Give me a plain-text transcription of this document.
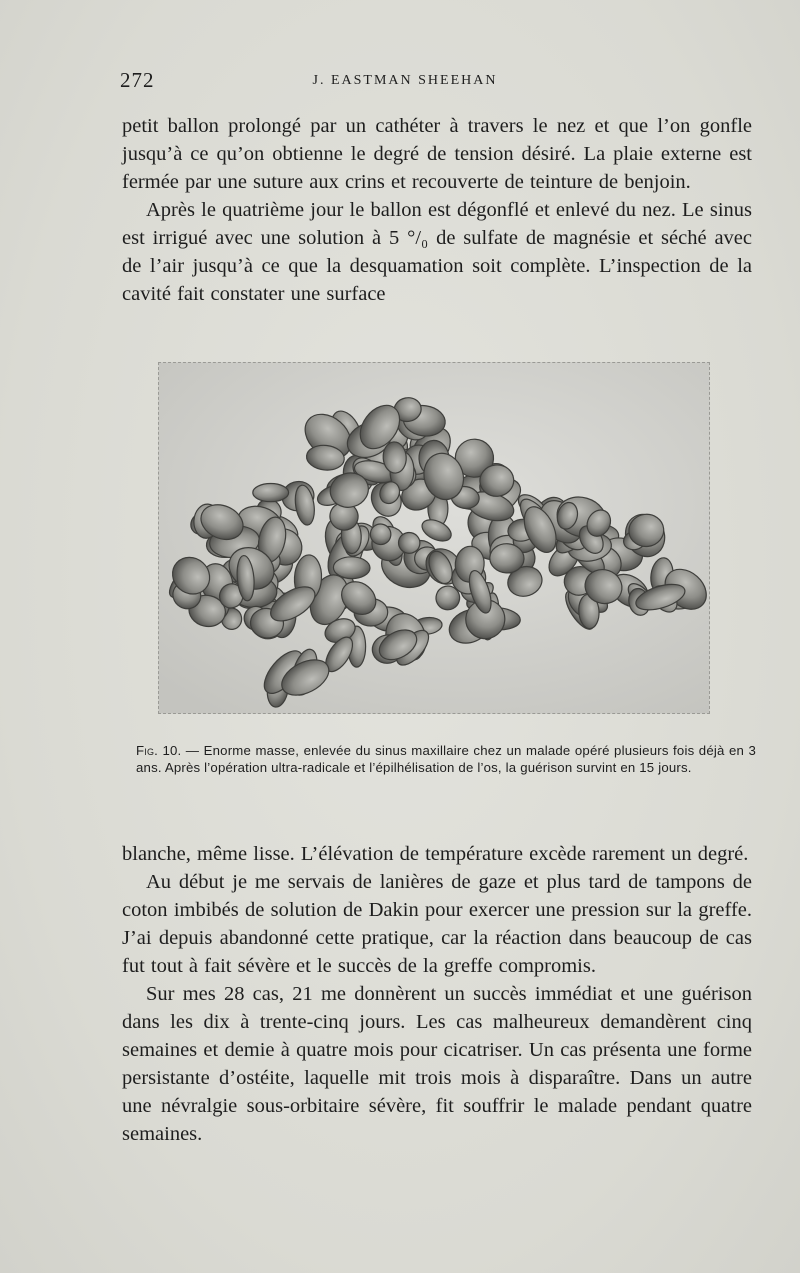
272	J. EASTMAN SHEEHAN

petit ballon prolongé par un cathéter à travers le nez et que l’on gonfle jusqu’à ce qu’on obtienne le degré de tension désiré. La plaie externe est fermée par une suture aux crins et recouverte de teinture de benjoin.

Après le quatrième jour le ballon est dégonflé et enlevé du nez. Le sinus est irrigué avec une solution à 5 °/₀ de sulfate de magnésie et séché avec de l’air jusqu’à ce que la desquamation soit complète. L’inspection de la cavité fait constater une surface

Fig. 10. — Enorme masse, enlevée du sinus maxillaire chez un malade opéré plusieurs fois déjà en 3 ans. Après l’opération ultra-radicale et l’épilhélisation de l’os, la guérison survint en 15 jours.

blanche, même lisse. L’élévation de température excède rarement un degré.

Au début je me servais de lanières de gaze et plus tard de tampons de coton imbibés de solution de Dakin pour exercer une pression sur la greffe. J’ai depuis abandonné cette pratique, car la réaction dans beaucoup de cas fut tout à fait sévère et le succès de la greffe compromis.

Sur mes 28 cas, 21 me donnèrent un succès immédiat et une guérison dans les dix à trente-cinq jours. Les cas malheureux demandèrent cinq semaines et demie à quatre mois pour cicatriser. Un cas présenta une forme persistante d’ostéite, laquelle mit trois mois à disparaître. Dans un autre une névralgie sous-orbitaire sévère, fit souffrir le malade pendant quatre semaines.
